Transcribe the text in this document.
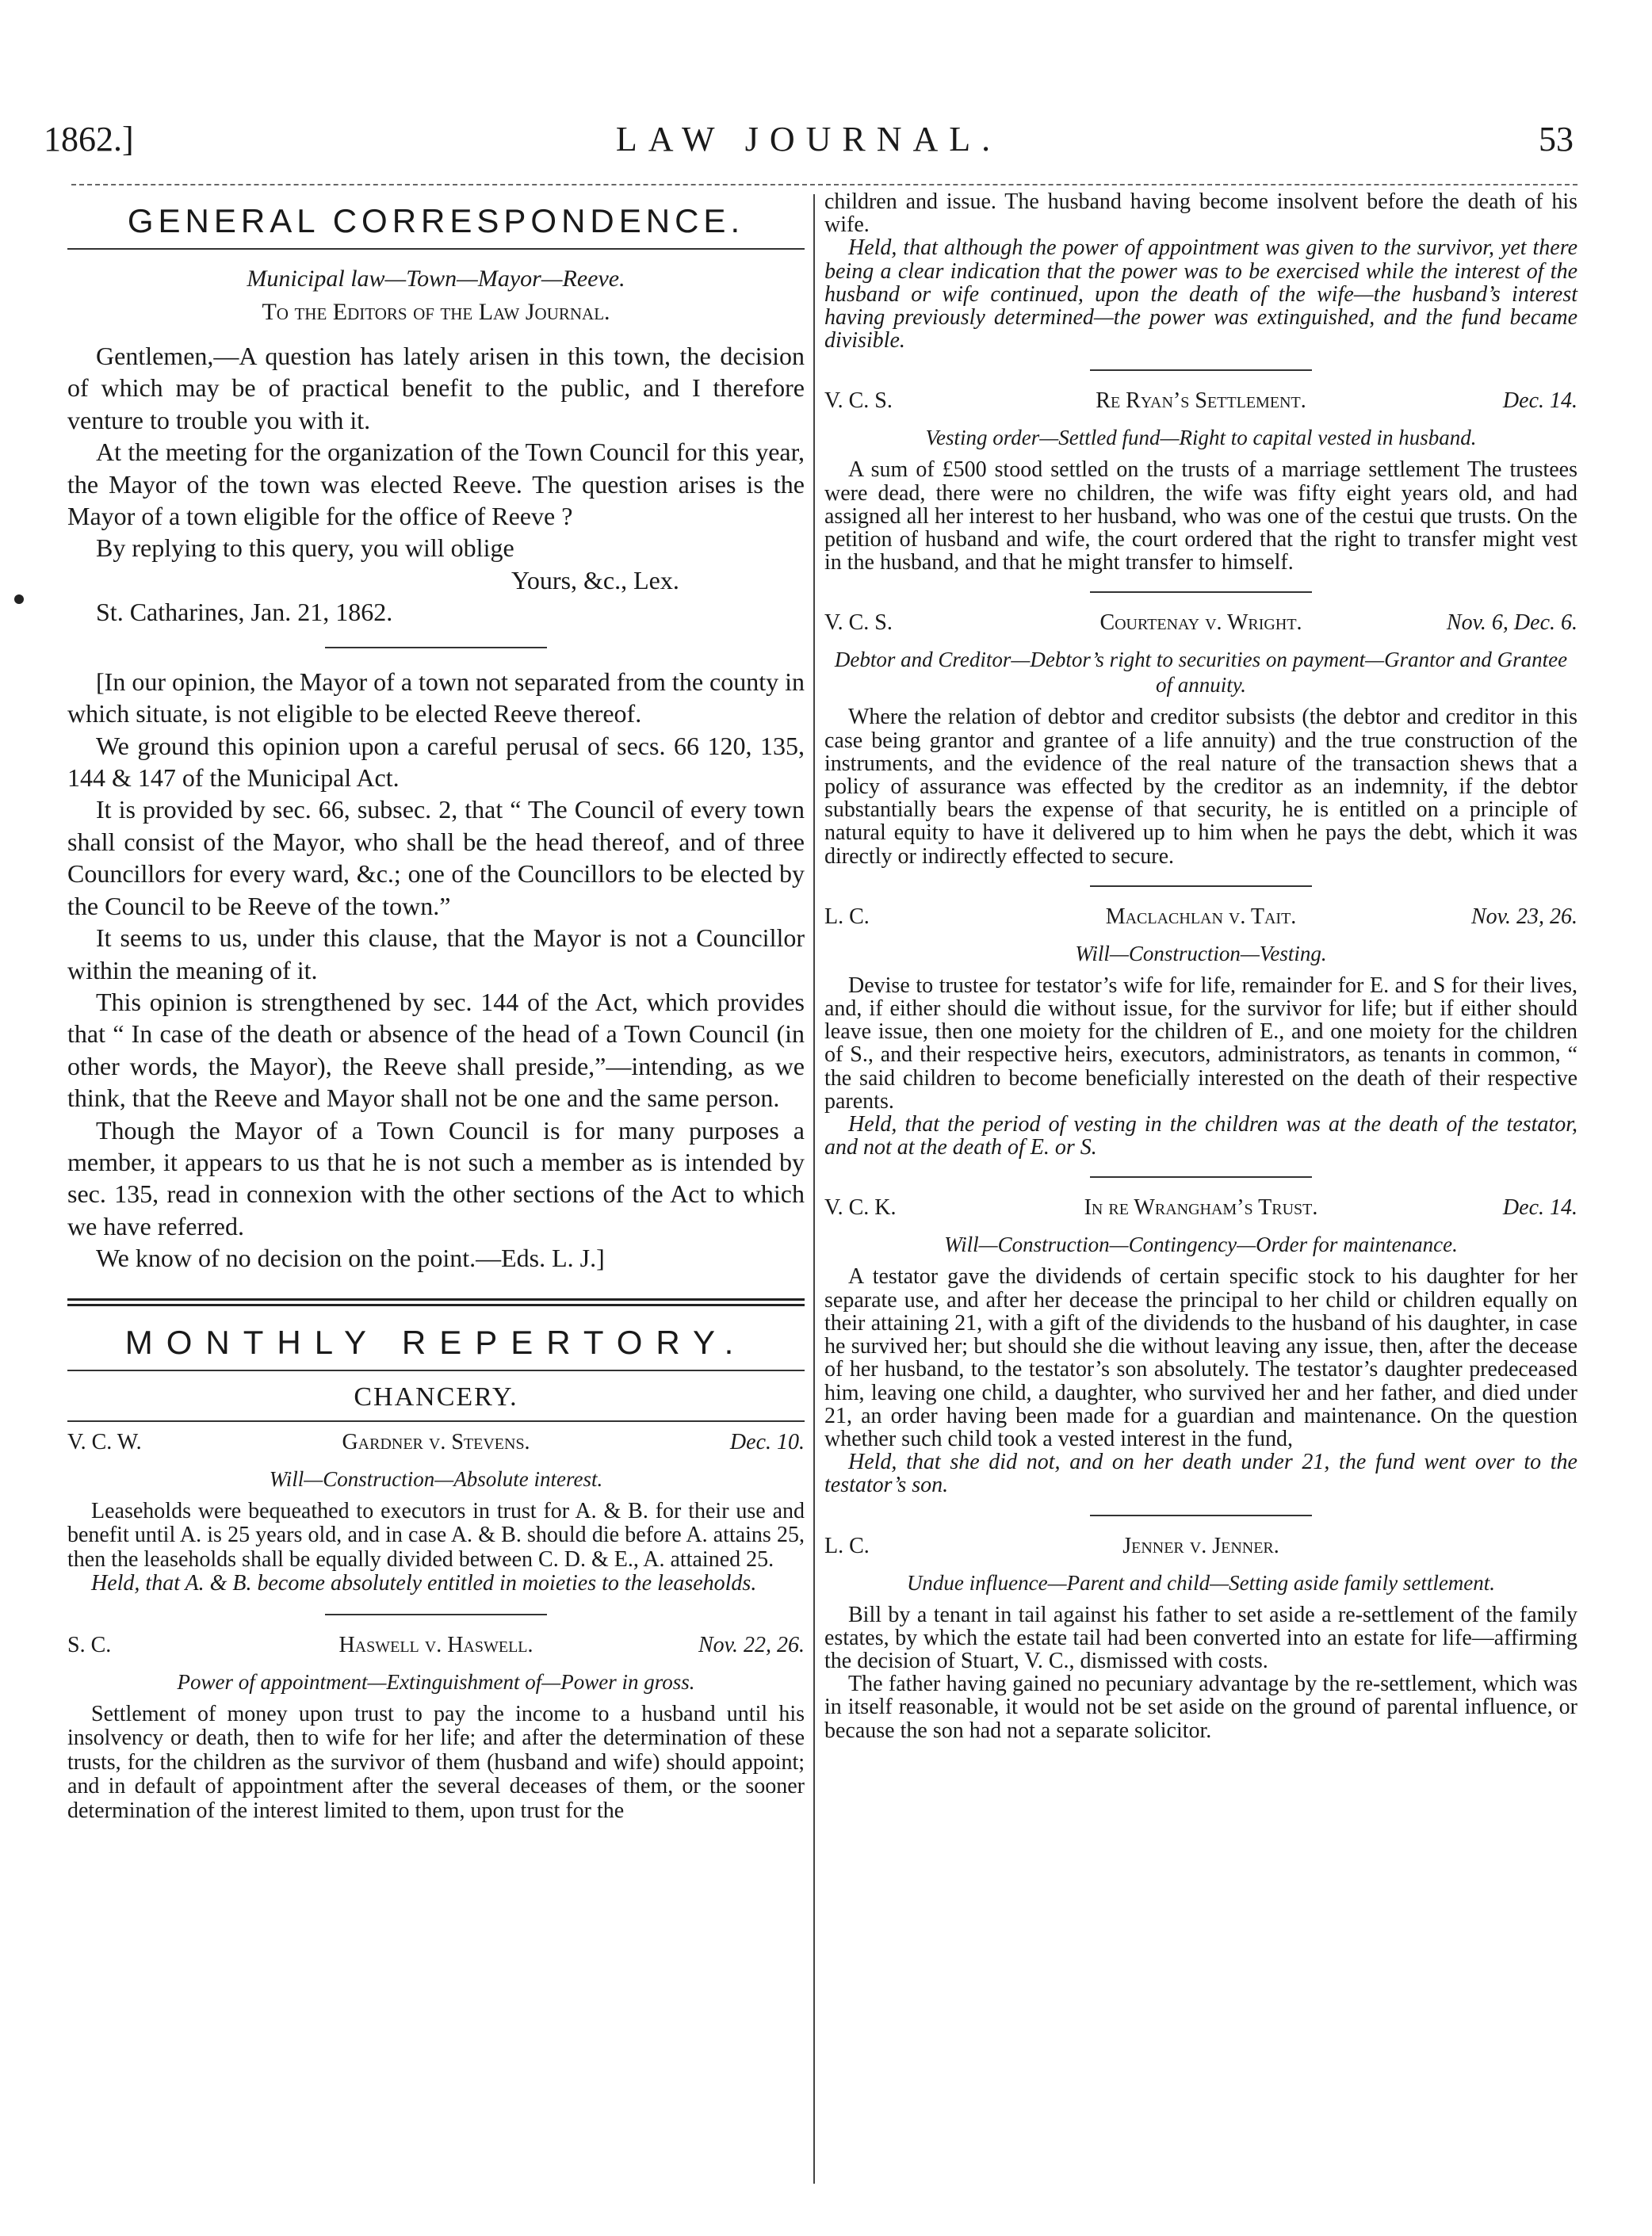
1862.]	LAW JOURNAL.	53
GENERAL CORRESPONDENCE.
Municipal law—Town—Mayor—Reeve.
To the Editors of the Law Journal.

Gentlemen,—A question has lately arisen in this town, the decision of which may be of practical benefit to the public, and I therefore venture to trouble you with it.

At the meeting for the organization of the Town Council for this year, the Mayor of the town was elected Reeve. The question arises is the Mayor of a town eligible for the office of Reeve ?

By replying to this query, you will oblige

Yours, &c., Lex.

St. Catharines, Jan. 21, 1862.

[In our opinion, the Mayor of a town not separated from the county in which situate, is not eligible to be elected Reeve thereof.

We ground this opinion upon a careful perusal of secs. 66 120, 135, 144 & 147 of the Municipal Act.

It is provided by sec. 66, subsec. 2, that “ The Council of every town shall consist of the Mayor, who shall be the head thereof, and of three Councillors for every ward, &c.; one of the Councillors to be elected by the Council to be Reeve of the town.”

It seems to us, under this clause, that the Mayor is not a Councillor within the meaning of it.

This opinion is strengthened by sec. 144 of the Act, which provides that “ In case of the death or absence of the head of a Town Council (in other words, the Mayor), the Reeve shall preside,”—intending, as we think, that the Reeve and Mayor shall not be one and the same person.

Though the Mayor of a Town Council is for many purposes a member, it appears to us that he is not such a member as is intended by sec. 135, read in connexion with the other sections of the Act to which we have referred.

We know of no decision on the point.—Eds. L. J.]

MONTHLY REPERTORY.
CHANCERY.
V. C. W.	Gardner v. Stevens.	Dec. 10.
Will—Construction—Absolute interest.

Leaseholds were bequeathed to executors in trust for A. & B. for their use and benefit until A. is 25 years old, and in case A. & B. should die before A. attains 25, then the leaseholds shall be equally divided between C. D. & E., A. attained 25.

Held, that A. & B. become absolutely entitled in moieties to the leaseholds.

S. C.	Haswell v. Haswell.	Nov. 22, 26.
Power of appointment—Extinguishment of—Power in gross.

Settlement of money upon trust to pay the income to a husband until his insolvency or death, then to wife for her life; and after the determination of these trusts, for the children as the survivor of them (husband and wife) should appoint; and in default of appointment after the several deceases of them, or the sooner determination of the interest limited to them, upon trust for the

children and issue. The husband having become insolvent before the death of his wife.

Held, that although the power of appointment was given to the survivor, yet there being a clear indication that the power was to be exercised while the interest of the husband or wife continued, upon the death of the wife—the husband’s interest having previously determined—the power was extinguished, and the fund became divisible.

V. C. S.	Re Ryan’s Settlement.	Dec. 14.
Vesting order—Settled fund—Right to capital vested in husband.

A sum of £500 stood settled on the trusts of a marriage settlement The trustees were dead, there were no children, the wife was fifty eight years old, and had assigned all her interest to her husband, who was one of the cestui que trusts. On the petition of husband and wife, the court ordered that the right to transfer might vest in the husband, and that he might transfer to himself.

V. C. S.	Courtenay v. Wright.	Nov. 6, Dec. 6.
Debtor and Creditor—Debtor’s right to securities on payment—Grantor and Grantee of annuity.

Where the relation of debtor and creditor subsists (the debtor and creditor in this case being grantor and grantee of a life annuity) and the true construction of the instruments, and the evidence of the real nature of the transaction shews that a policy of assurance was effected by the creditor as an indemnity, if the debtor substantially bears the expense of that security, he is entitled on a principle of natural equity to have it delivered up to him when he pays the debt, which it was directly or indirectly effected to secure.

L. C.	Maclachlan v. Tait.	Nov. 23, 26.
Will—Construction—Vesting.

Devise to trustee for testator’s wife for life, remainder for E. and S for their lives, and, if either should die without issue, for the survivor for life; but if either should leave issue, then one moiety for the children of E., and one moiety for the children of S., and their respective heirs, executors, administrators, as tenants in common, “ the said children to become beneficially interested on the death of their respective parents.

Held, that the period of vesting in the children was at the death of the testator, and not at the death of E. or S.

V. C. K.	In re Wrangham’s Trust.	Dec. 14.
Will—Construction—Contingency—Order for maintenance.

A testator gave the dividends of certain specific stock to his daughter for her separate use, and after her decease the principal to her child or children equally on their attaining 21, with a gift of the dividends to the husband of his daughter, in case he survived her; but should she die without leaving any issue, then, after the decease of her husband, to the testator’s son absolutely. The testator’s daughter predeceased him, leaving one child, a daughter, who survived her and her father, and died under 21, an order having been made for a guardian and maintenance. On the question whether such child took a vested interest in the fund,

Held, that she did not, and on her death under 21, the fund went over to the testator’s son.

L. C.	Jenner v. Jenner.
Undue influence—Parent and child—Setting aside family settlement.

Bill by a tenant in tail against his father to set aside a re-settlement of the family estates, by which the estate tail had been converted into an estate for life—affirming the decision of Stuart, V. C., dismissed with costs.

The father having gained no pecuniary advantage by the re-settlement, which was in itself reasonable, it would not be set aside on the ground of parental influence, or because the son had not a separate solicitor.
